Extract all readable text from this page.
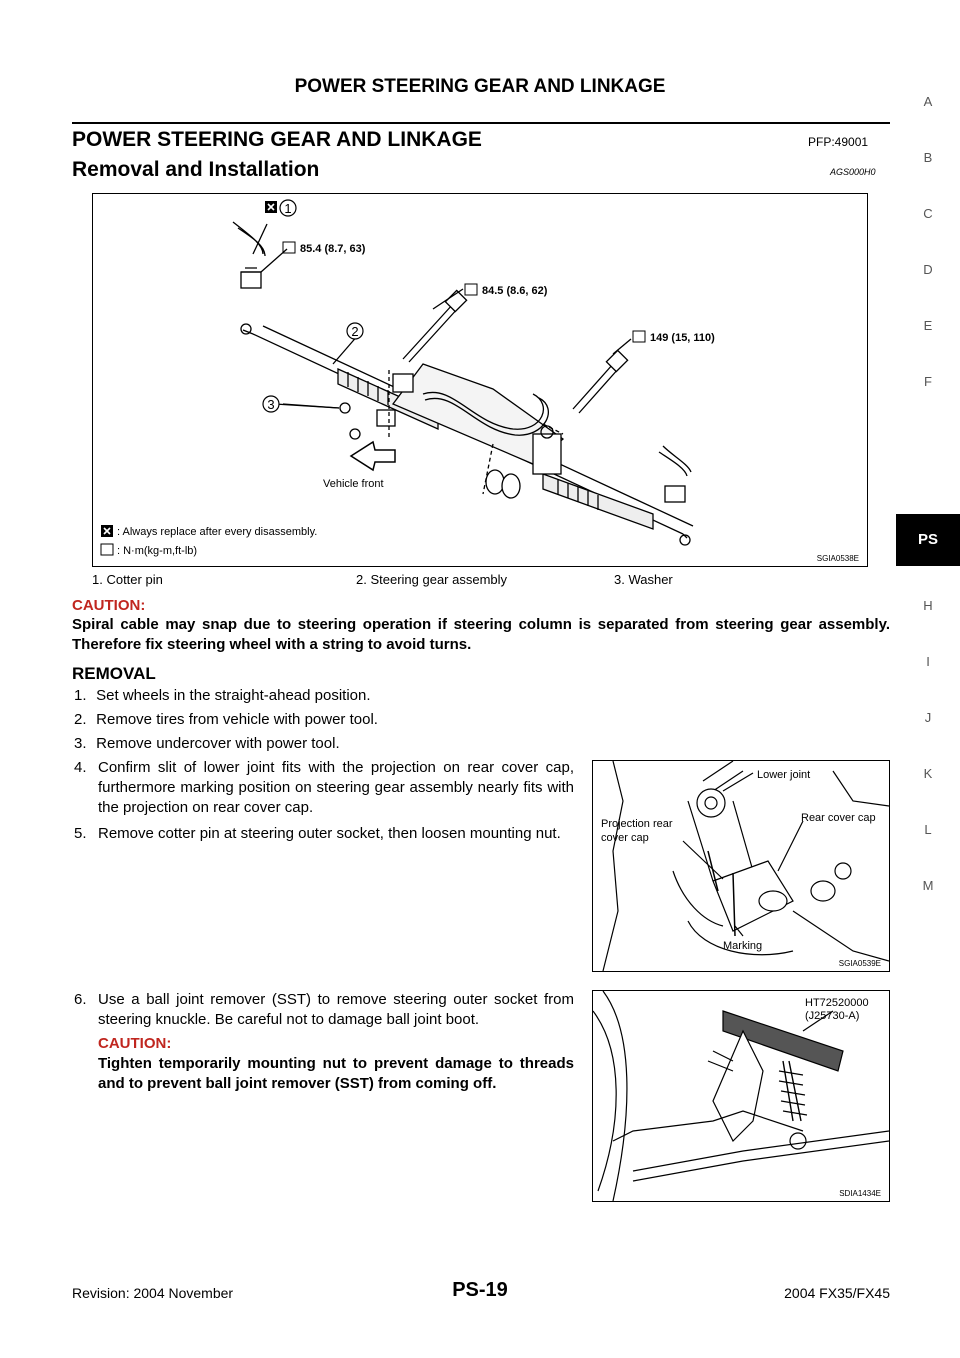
POWER STEERING GEAR AND LINKAGE
POWER STEERING GEAR AND LINKAGE	PFP:49001
Removal and Installation	AGS000H0
1
2
3
85.4 (8.7, 63)
84.5 (8.6, 62)
149 (15, 110)
Vehicle front
: Always replace after every disassembly.
: N·m(kg-m,ft-lb)
SGIA0538E
1. Cotter pin	2. Steering gear assembly	3. Washer
CAUTION:
Spiral cable may snap due to steering operation if steering column is separated from steering gear assembly. Therefore fix steering wheel with a string to avoid turns.
REMOVAL
1. Set wheels in the straight-ahead position.
2. Remove tires from vehicle with power tool.
3. Remove undercover with power tool.
4. Confirm slit of lower joint fits with the projection on rear cover cap, furthermore marking position on steering gear assembly nearly fits with the projection on rear cover cap.
5. Remove cotter pin at steering outer socket, then loosen mounting nut.
6. Use a ball joint remover (SST) to remove steering outer socket from steering knuckle. Be careful not to damage ball joint boot.
CAUTION:
Tighten temporarily mounting nut to prevent damage to threads and to prevent ball joint remover (SST) from coming off.
Lower joint
Projection rear
cover cap
Rear cover cap
Marking
SGIA0539E
HT72520000
(J25730-A)
SDIA1434E
A
B
C
D
E
F
PS
H
I
J
K
L
M
Revision: 2004 November	PS-19	2004 FX35/FX45
